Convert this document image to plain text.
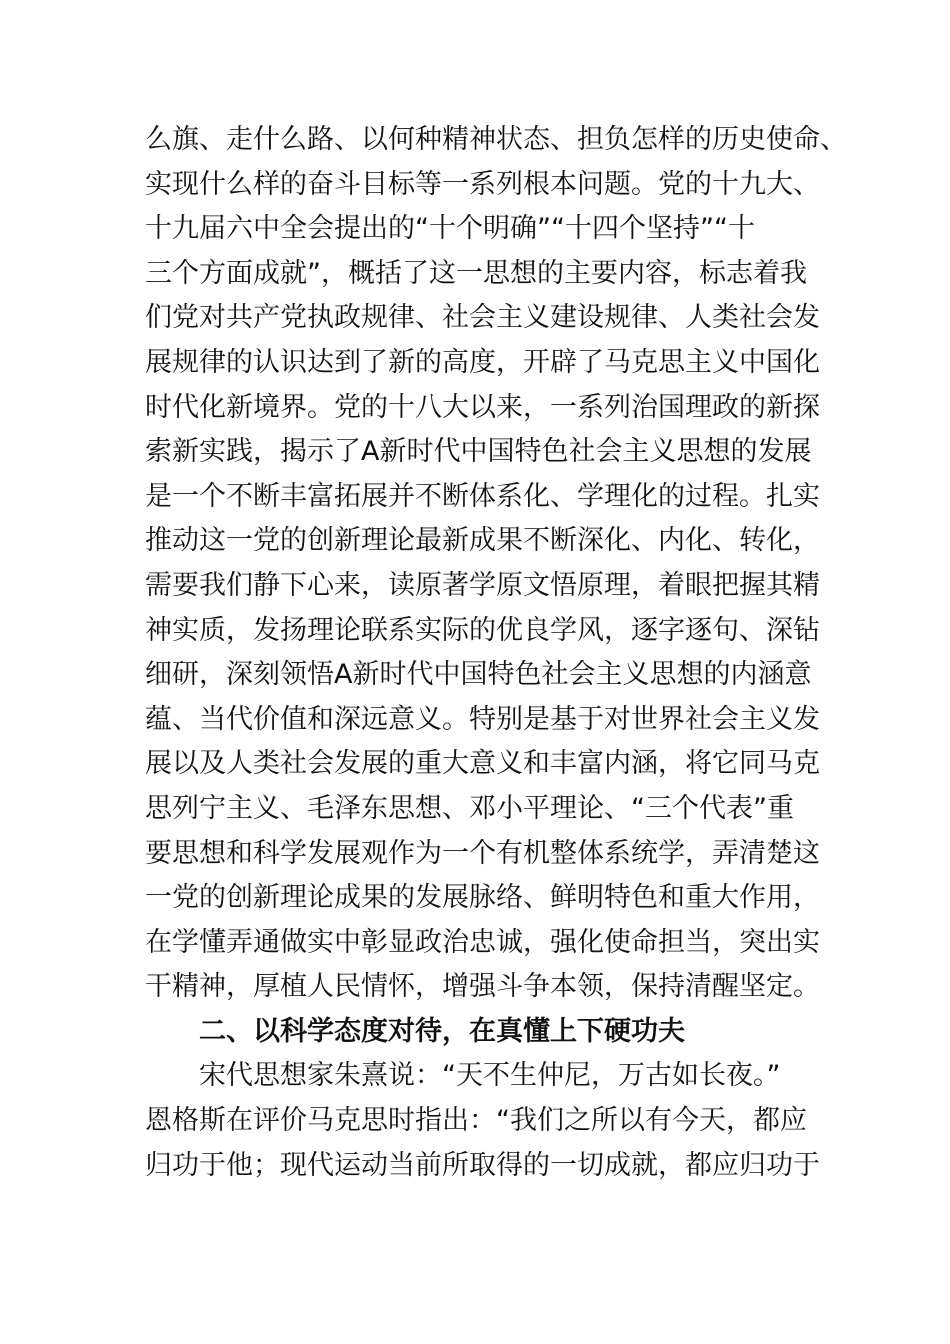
么旗、走什么路、以何种精神状态、担负怎样的历史使命、
实现什么样的奋斗目标等一系列根本问题。党的十九大、
十九届六中全会提出的“十个明确”“十四个坚持”“十
三个方面成就”，概括了这一思想的主要内容，标志着我
们党对共产党执政规律、社会主义建设规律、人类社会发
展规律的认识达到了新的高度，开辟了马克思主义中国化
时代化新境界。党的十八大以来，一系列治国理政的新探
索新实践，揭示了A新时代中国特色社会主义思想的发展
是一个不断丰富拓展并不断体系化、学理化的过程。扎实
推动这一党的创新理论最新成果不断深化、内化、转化，
需要我们静下心来，读原著学原文悟原理，着眼把握其精
神实质，发扬理论联系实际的优良学风，逐字逐句、深钻
细研，深刻领悟A新时代中国特色社会主义思想的内涵意
蕴、当代价值和深远意义。特别是基于对世界社会主义发
展以及人类社会发展的重大意义和丰富内涵，将它同马克
思列宁主义、毛泽东思想、邓小平理论、“三个代表”重
要思想和科学发展观作为一个有机整体系统学，弄清楚这
一党的创新理论成果的发展脉络、鲜明特色和重大作用，
在学懂弄通做实中彰显政治忠诚，强化使命担当，突出实
干精神，厚植人民情怀，增强斗争本领，保持清醒坚定。
二、以科学态度对待，在真懂上下硬功夫
宋代思想家朱熹说：“天不生仲尼，万古如长夜。”
恩格斯在评价马克思时指出：“我们之所以有今天，都应
归功于他；现代运动当前所取得的一切成就，都应归功于
